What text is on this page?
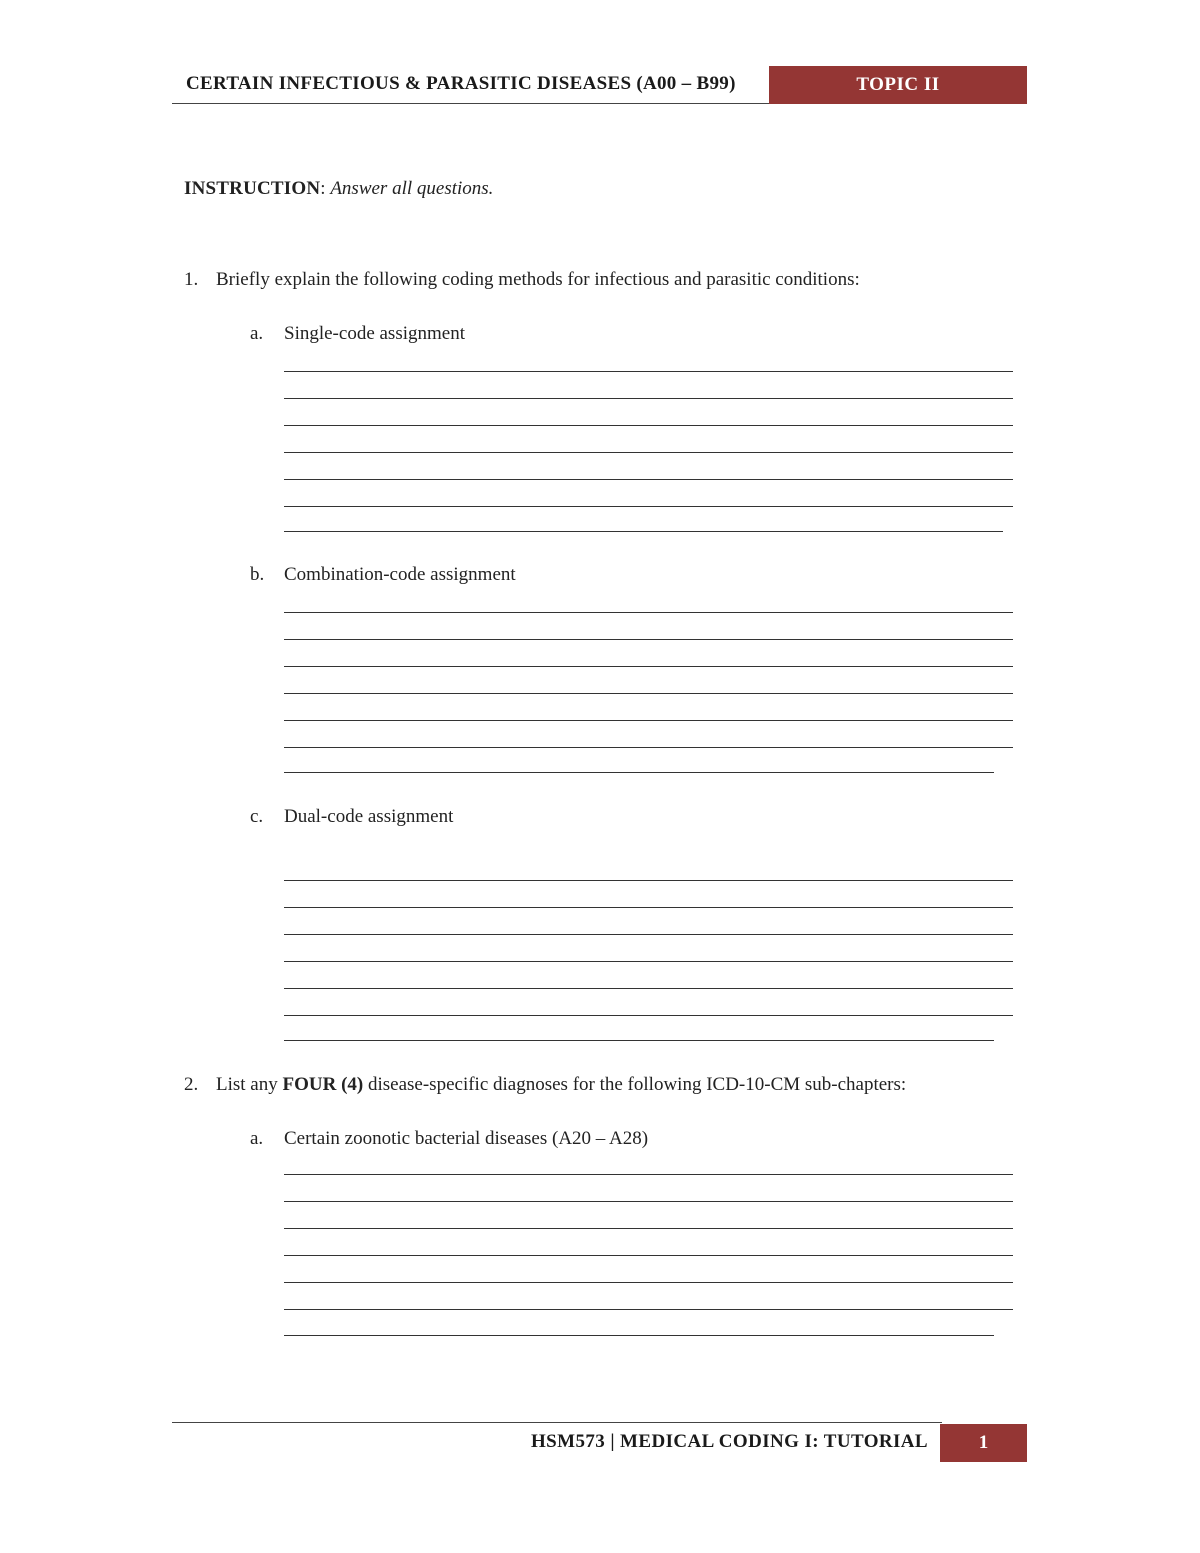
CERTAIN INFECTIOUS & PARASITIC DISEASES (A00 – B99)	TOPIC II
INSTRUCTION: Answer all questions.
1. Briefly explain the following coding methods for infectious and parasitic conditions:
a. Single-code assignment
b. Combination-code assignment
c. Dual-code assignment
2. List any FOUR (4) disease-specific diagnoses for the following ICD-10-CM sub-chapters:
a. Certain zoonotic bacterial diseases (A20 – A28)
HSM573 | MEDICAL CODING I: TUTORIAL	1
